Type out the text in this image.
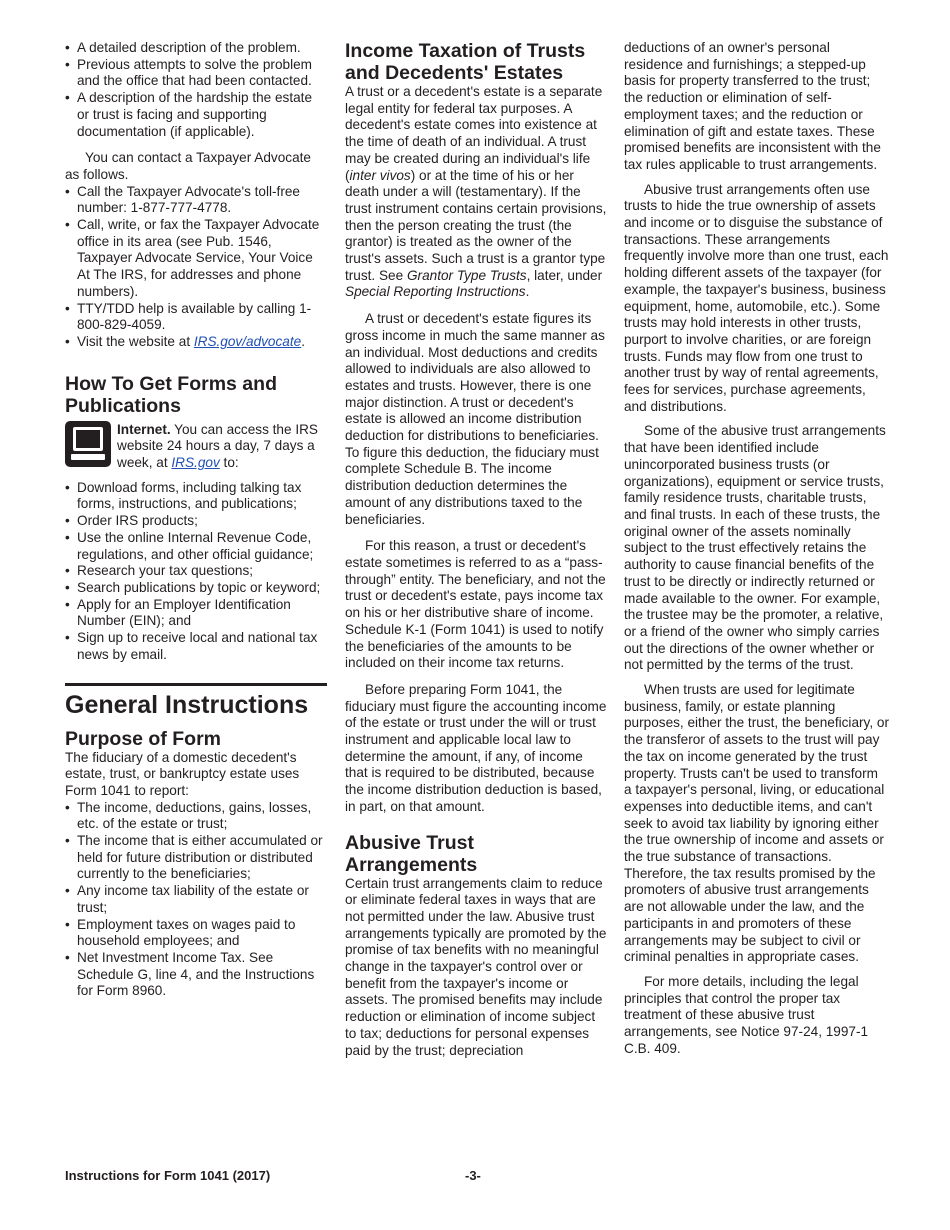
• A detailed description of the problem.

• Previous attempts to solve the problem and the office that had been contacted.

• A description of the hardship the estate or trust is facing and supporting documentation (if applicable).

You can contact a Taxpayer Advocate as follows.

• Call the Taxpayer Advocate's toll-free number: 1-877-777-4778.

• Call, write, or fax the Taxpayer Advocate office in its area (see Pub. 1546, Taxpayer Advocate Service, Your Voice At The IRS, for addresses and phone numbers).

• TTY/TDD help is available by calling 1-800-829-4059.

• Visit the website at IRS.gov/advocate.

How To Get Forms and Publications

Internet. You can access the IRS website 24 hours a day, 7 days a week, at IRS.gov to:

• Download forms, including talking tax forms, instructions, and publications;

• Order IRS products;

• Use the online Internal Revenue Code, regulations, and other official guidance;

• Research your tax questions;

• Search publications by topic or keyword;

• Apply for an Employer Identification Number (EIN); and

• Sign up to receive local and national tax news by email.

General Instructions
Purpose of Form

The fiduciary of a domestic decedent's estate, trust, or bankruptcy estate uses Form 1041 to report:

• The income, deductions, gains, losses, etc. of the estate or trust;

• The income that is either accumulated or held for future distribution or distributed currently to the beneficiaries;

• Any income tax liability of the estate or trust;

• Employment taxes on wages paid to household employees; and

• Net Investment Income Tax. See Schedule G, line 4, and the Instructions for Form 8960.

Income Taxation of Trusts and Decedents' Estates

A trust or a decedent's estate is a separate legal entity for federal tax purposes. A decedent's estate comes into existence at the time of death of an individual. A trust may be created during an individual's life (inter vivos) or at the time of his or her death under a will (testamentary). If the trust instrument contains certain provisions, then the person creating the trust (the grantor) is treated as the owner of the trust's assets. Such a trust is a grantor type trust. See Grantor Type Trusts, later, under Special Reporting Instructions.

A trust or decedent's estate figures its gross income in much the same manner as an individual. Most deductions and credits allowed to individuals are also allowed to estates and trusts. However, there is one major distinction. A trust or decedent's estate is allowed an income distribution deduction for distributions to beneficiaries. To figure this deduction, the fiduciary must complete Schedule B. The income distribution deduction determines the amount of any distributions taxed to the beneficiaries.

For this reason, a trust or decedent's estate sometimes is referred to as a “pass-through” entity. The beneficiary, and not the trust or decedent's estate, pays income tax on his or her distributive share of income. Schedule K-1 (Form 1041) is used to notify the beneficiaries of the amounts to be included on their income tax returns.

Before preparing Form 1041, the fiduciary must figure the accounting income of the estate or trust under the will or trust instrument and applicable local law to determine the amount, if any, of income that is required to be distributed, because the income distribution deduction is based, in part, on that amount.

Abusive Trust Arrangements

Certain trust arrangements claim to reduce or eliminate federal taxes in ways that are not permitted under the law. Abusive trust arrangements typically are promoted by the promise of tax benefits with no meaningful change in the taxpayer's control over or benefit from the taxpayer's income or assets. The promised benefits may include reduction or elimination of income subject to tax; deductions for personal expenses paid by the trust; depreciation

deductions of an owner's personal residence and furnishings; a stepped-up basis for property transferred to the trust; the reduction or elimination of self-employment taxes; and the reduction or elimination of gift and estate taxes. These promised benefits are inconsistent with the tax rules applicable to trust arrangements.

Abusive trust arrangements often use trusts to hide the true ownership of assets and income or to disguise the substance of transactions. These arrangements frequently involve more than one trust, each holding different assets of the taxpayer (for example, the taxpayer's business, business equipment, home, automobile, etc.). Some trusts may hold interests in other trusts, purport to involve charities, or are foreign trusts. Funds may flow from one trust to another trust by way of rental agreements, fees for services, purchase agreements, and distributions.

Some of the abusive trust arrangements that have been identified include unincorporated business trusts (or organizations), equipment or service trusts, family residence trusts, charitable trusts, and final trusts. In each of these trusts, the original owner of the assets nominally subject to the trust effectively retains the authority to cause financial benefits of the trust to be directly or indirectly returned or made available to the owner. For example, the trustee may be the promoter, a relative, or a friend of the owner who simply carries out the directions of the owner whether or not permitted by the terms of the trust.

When trusts are used for legitimate business, family, or estate planning purposes, either the trust, the beneficiary, or the transferor of assets to the trust will pay the tax on income generated by the trust property. Trusts can't be used to transform a taxpayer's personal, living, or educational expenses into deductible items, and can't seek to avoid tax liability by ignoring either the true ownership of income and assets or the true substance of transactions. Therefore, the tax results promised by the promoters of abusive trust arrangements are not allowable under the law, and the participants in and promoters of these arrangements may be subject to civil or criminal penalties in appropriate cases.

For more details, including the legal principles that control the proper tax treatment of these abusive trust arrangements, see Notice 97-24, 1997-1 C.B. 409.

Instructions for Form 1041 (2017)	-3-
